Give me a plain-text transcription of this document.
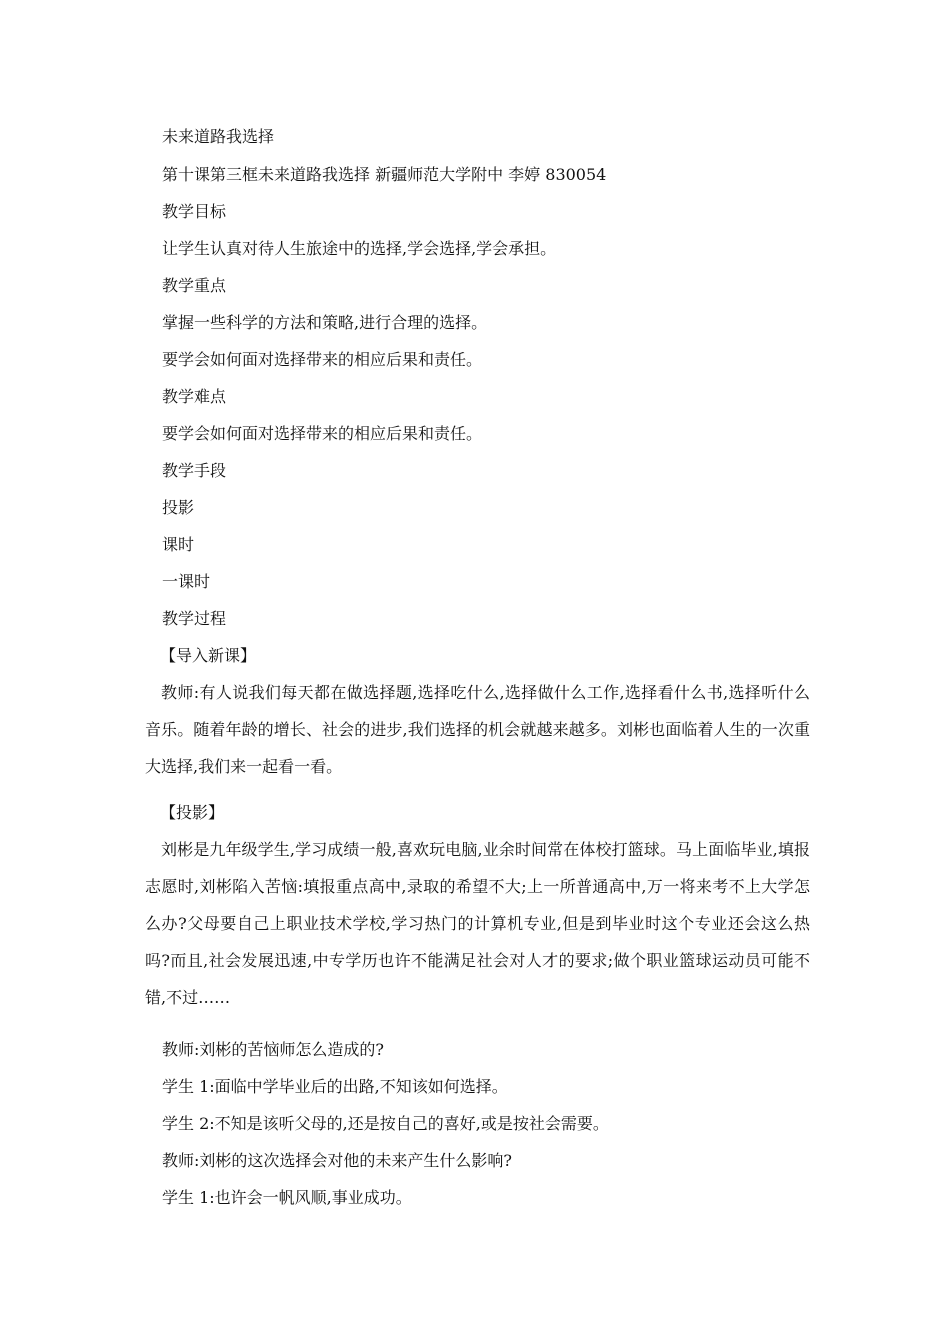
未来道路我选择
第十课第三框未来道路我选择 新疆师范大学附中 李婷 830054
教学目标
让学生认真对待人生旅途中的选择,学会选择,学会承担。
教学重点
掌握一些科学的方法和策略,进行合理的选择。
要学会如何面对选择带来的相应后果和责任。
教学难点
要学会如何面对选择带来的相应后果和责任。
教学手段
投影
课时
一课时
教学过程
【导入新课】

教师:有人说我们每天都在做选择题,选择吃什么,选择做什么工作,选择看什么书,选择听什么音乐。随着年龄的增长、社会的进步,我们选择的机会就越来越多。刘彬也面临着人生的一次重大选择,我们来一起看一看。

【投影】

刘彬是九年级学生,学习成绩一般,喜欢玩电脑,业余时间常在体校打篮球。马上面临毕业,填报志愿时,刘彬陷入苦恼:填报重点高中,录取的希望不大;上一所普通高中,万一将来考不上大学怎么办?父母要自己上职业技术学校,学习热门的计算机专业,但是到毕业时这个专业还会这么热吗?而且,社会发展迅速,中专学历也许不能满足社会对人才的要求;做个职业篮球运动员可能不错,不过……

教师:刘彬的苦恼师怎么造成的?
学生 1:面临中学毕业后的出路,不知该如何选择。
学生 2:不知是该听父母的,还是按自己的喜好,或是按社会需要。
教师:刘彬的这次选择会对他的未来产生什么影响?
学生 1:也许会一帆风顺,事业成功。
